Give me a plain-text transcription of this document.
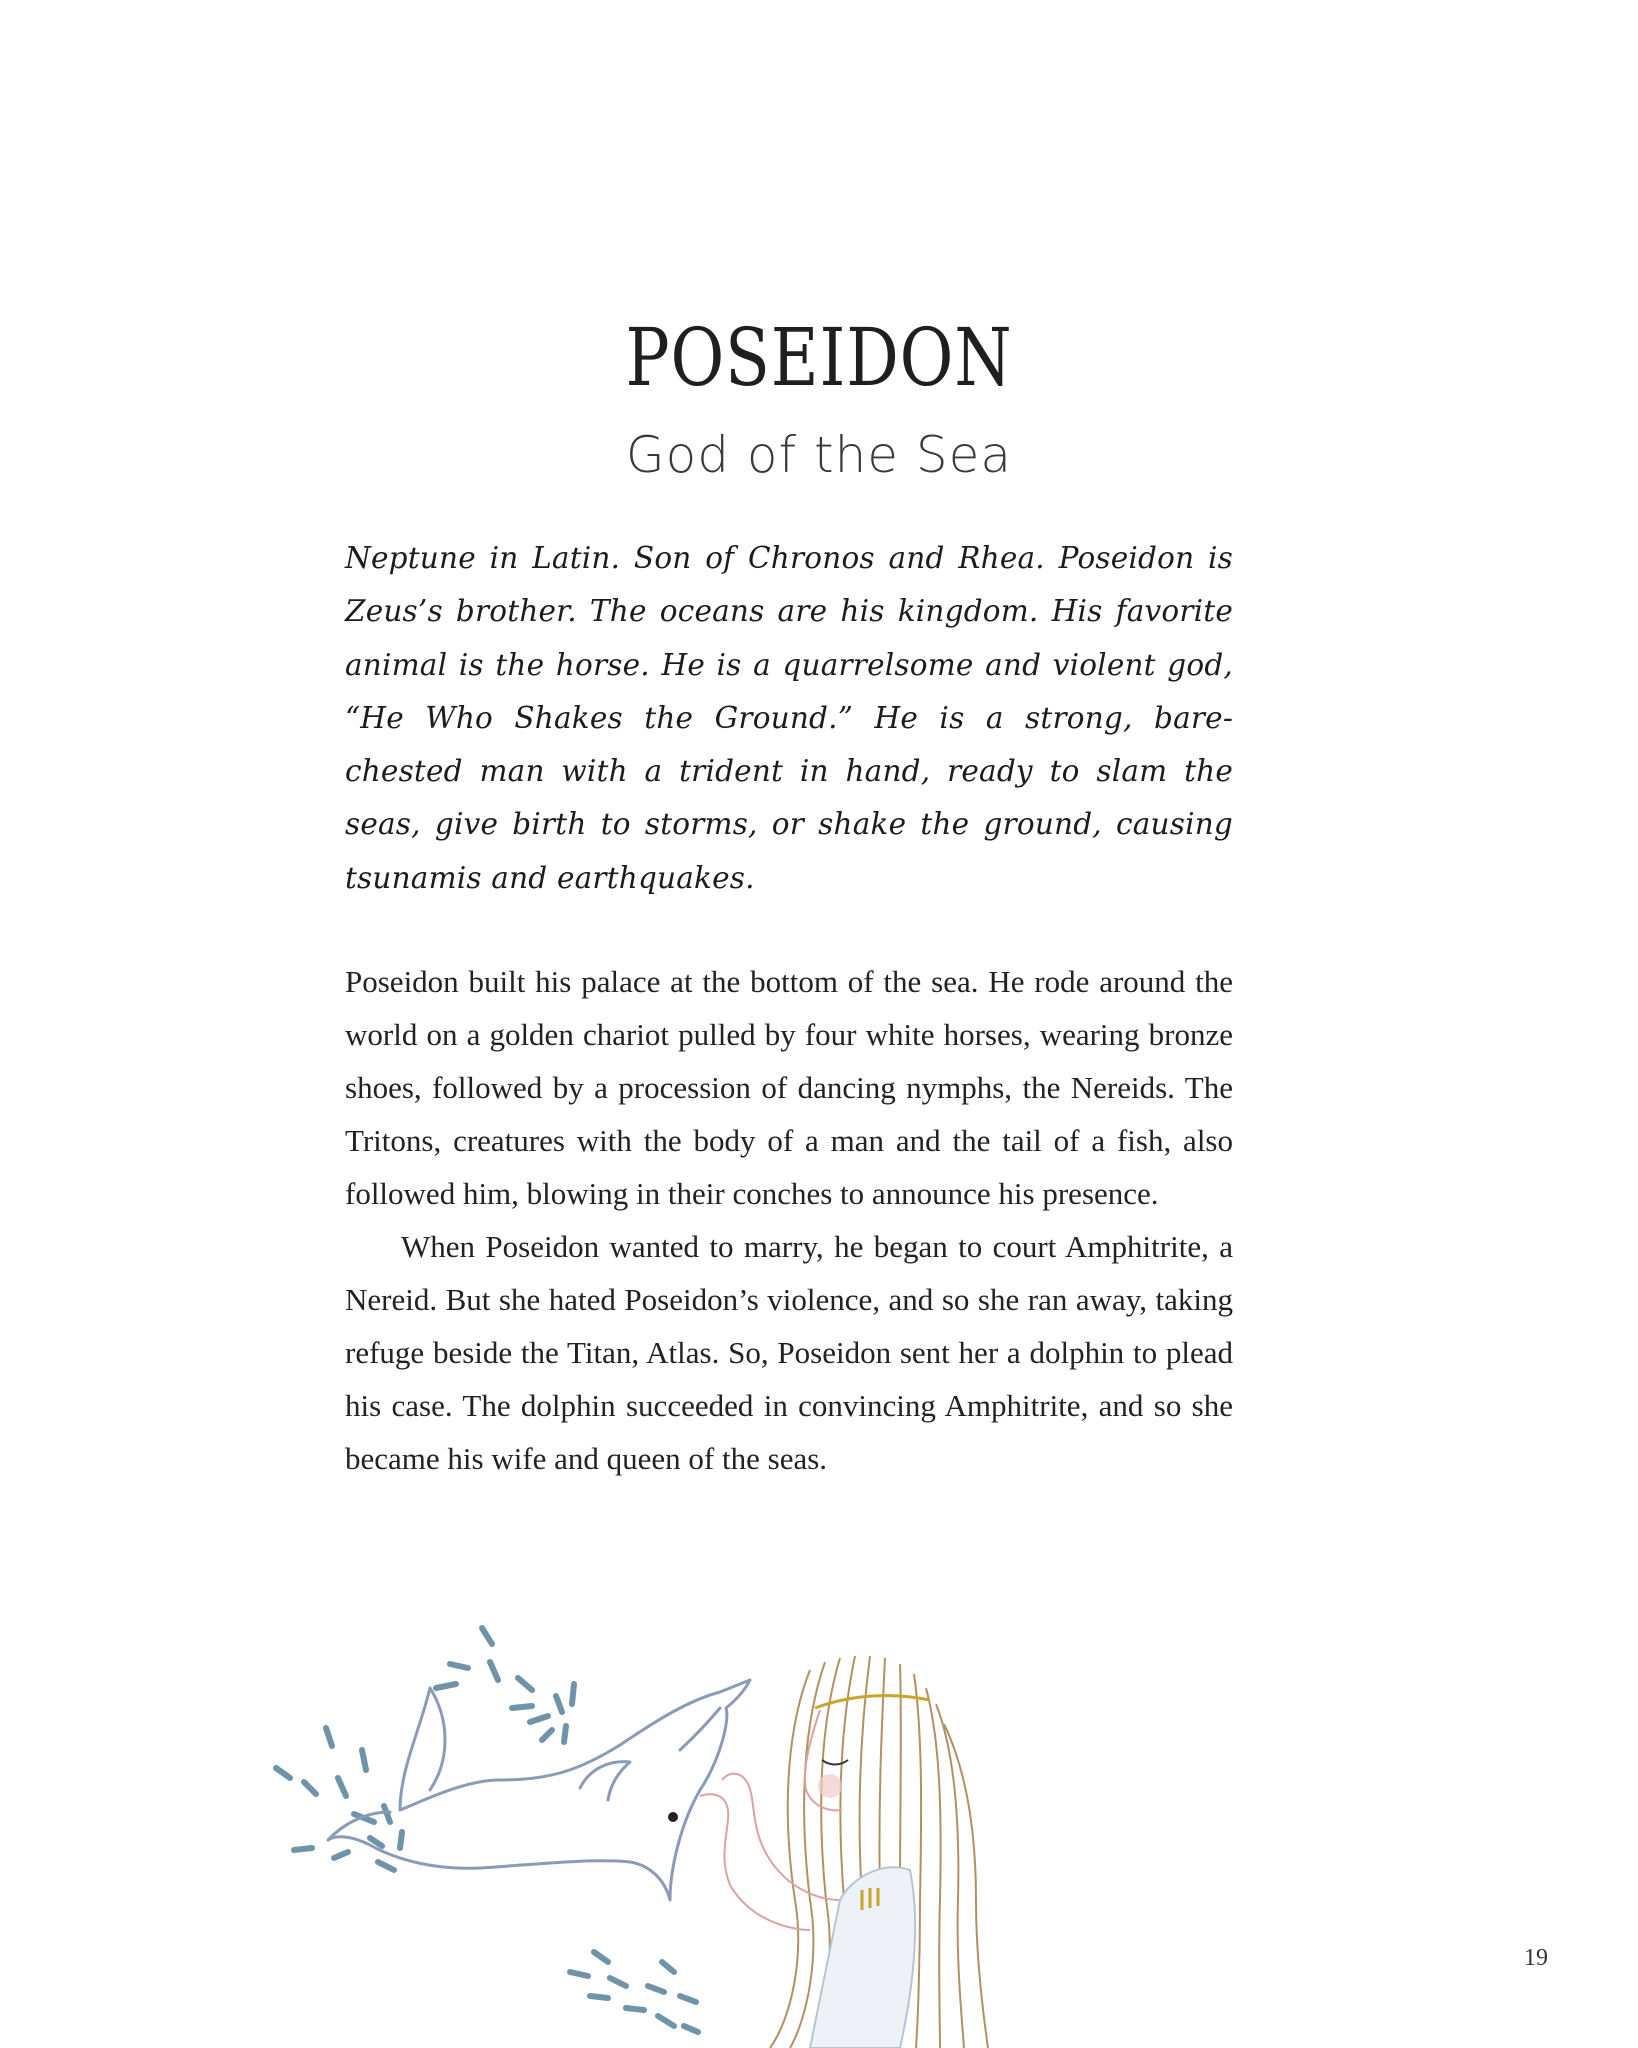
POSEIDON
God of the Sea

Neptune in Latin. Son of Chronos and Rhea. Poseidon is Zeus’s brother. The oceans are his kingdom. His favorite animal is the horse. He is a quarrelsome and violent god, “He Who Shakes the Ground.” He is a strong, bare-chested man with a trident in hand, ready to slam the seas, give birth to storms, or shake the ground, causing tsunamis and earthquakes.

Poseidon built his palace at the bottom of the sea. He rode around the world on a golden chariot pulled by four white horses, wearing bronze shoes, followed by a procession of dancing nymphs, the Nereids. The Tritons, creatures with the body of a man and the tail of a fish, also followed him, blowing in their conches to announce his presence.

When Poseidon wanted to marry, he began to court Amphitrite, a Nereid. But she hated Poseidon’s violence, and so she ran away, taking refuge beside the Titan, Atlas. So, Poseidon sent her a dolphin to plead his case. The dolphin succeeded in convincing Amphitrite, and so she became his wife and queen of the seas.

19
